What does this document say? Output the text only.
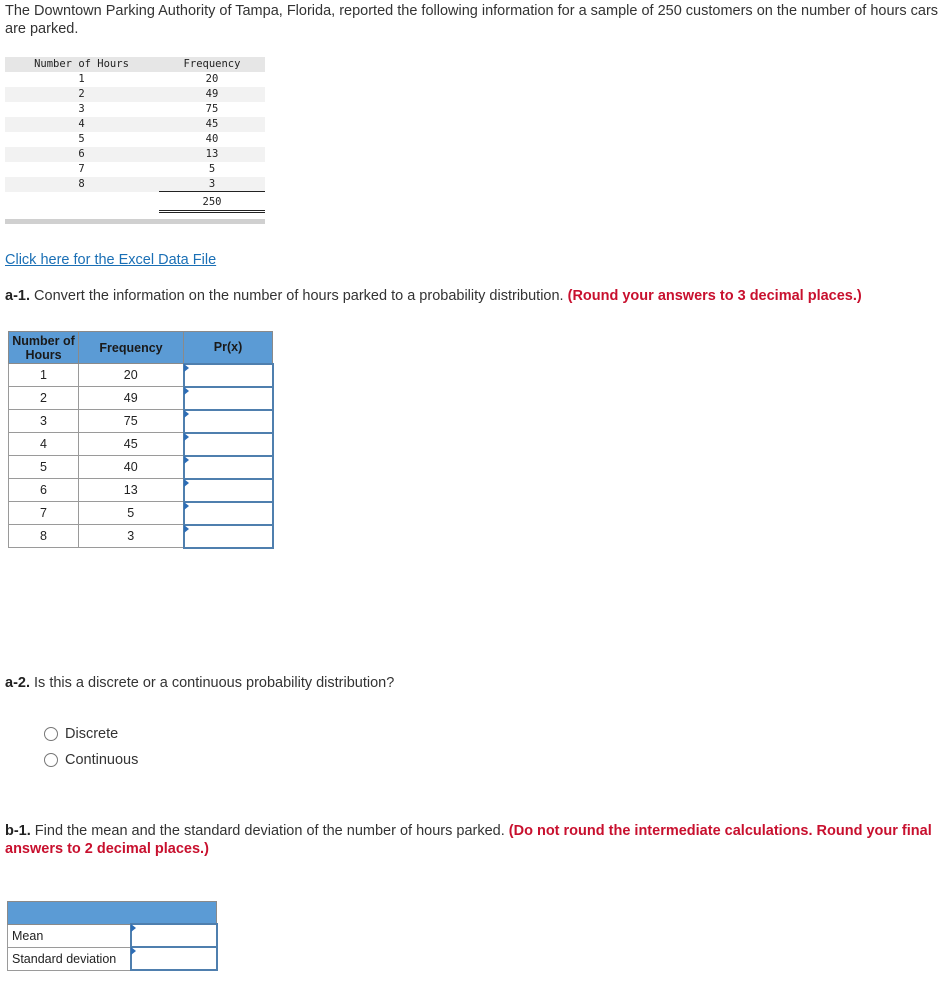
The Downtown Parking Authority of Tampa, Florida, reported the following information for a sample of 250 customers on the number of hours cars are parked.
Number of Hours	Frequency
1	20
2	49
3	75
4	45
5	40
6	13
7	5
8	3
250
Click here for the Excel Data File
a-1. Convert the information on the number of hours parked to a probability distribution. (Round your answers to 3 decimal places.)
Number of Hours	Frequency	Pr(x)
1	20	

2	49	

3	75	

4	45	

5	40	

6	13	

7	5	

8	3	
a-2. Is this a discrete or a continuous probability distribution?
Discrete
Continuous
b-1. Find the mean and the standard deviation of the number of hours parked. (Do not round the intermediate calculations. Round your final answers to 2 decimal places.)

Mean	

Standard deviation	
